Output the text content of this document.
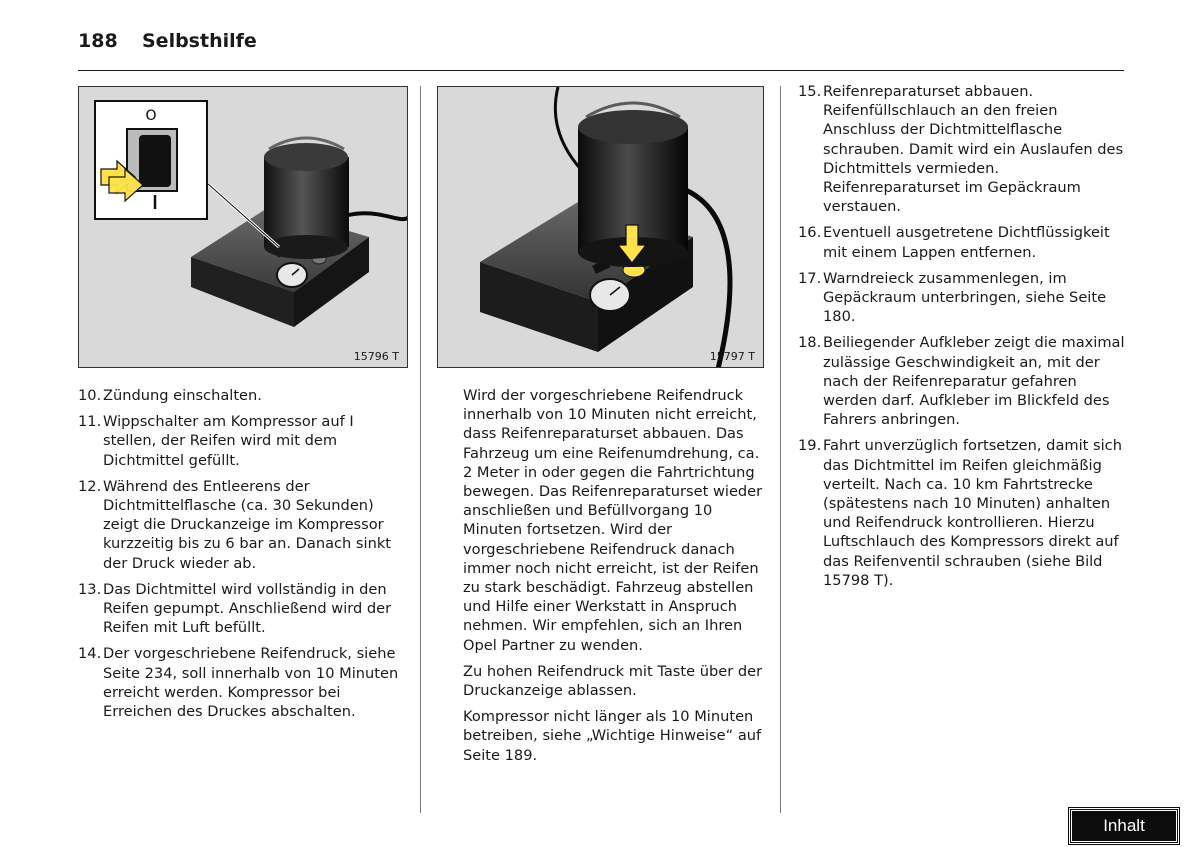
188 Selbsthilfe
O
15796 T	15797 T
10. Zündung einschalten.
11. Wippschalter am Kompressor auf I stellen, der Reifen wird mit dem Dichtmittel gefüllt.
12. Während des Entleerens der Dichtmittelflasche (ca. 30 Sekunden) zeigt die Druckanzeige im Kompressor kurzzeitig bis zu 6 bar an. Danach sinkt der Druck wieder ab.
13. Das Dichtmittel wird vollständig in den Reifen gepumpt. Anschließend wird der Reifen mit Luft befüllt.
14. Der vorgeschriebene Reifendruck, siehe Seite 234, soll innerhalb von 10 Minuten erreicht werden. Kompressor bei Erreichen des Druckes abschalten.
Wird der vorgeschriebene Reifendruck innerhalb von 10 Minuten nicht erreicht, dass Reifenreparaturset abbauen. Das Fahrzeug um eine Reifenumdrehung, ca. 2 Meter in oder gegen die Fahrtrichtung bewegen. Das Reifenreparaturset wieder anschließen und Befüllvorgang 10 Minuten fortsetzen. Wird der vorgeschriebene Reifendruck danach immer noch nicht erreicht, ist der Reifen zu stark beschädigt. Fahrzeug abstellen und Hilfe einer Werkstatt in Anspruch nehmen. Wir empfehlen, sich an Ihren Opel Partner zu wenden.
Zu hohen Reifendruck mit Taste über der Druckanzeige ablassen.
Kompressor nicht länger als 10 Minuten betreiben, siehe „Wichtige Hinweise“ auf Seite 189.
15. Reifenreparaturset abbauen. Reifenfüllschlauch an den freien Anschluss der Dichtmittelflasche schrauben. Damit wird ein Auslaufen des Dichtmittels vermieden. Reifenreparaturset im Gepäckraum verstauen.
16. Eventuell ausgetretene Dichtflüssigkeit mit einem Lappen entfernen.
17. Warndreieck zusammenlegen, im Gepäckraum unterbringen, siehe Seite 180.
18. Beiliegender Aufkleber zeigt die maximal zulässige Geschwindigkeit an, mit der nach der Reifenreparatur gefahren werden darf. Aufkleber im Blickfeld des Fahrers anbringen.
19. Fahrt unverzüglich fortsetzen, damit sich das Dichtmittel im Reifen gleichmäßig verteilt. Nach ca. 10 km Fahrtstrecke (spätestens nach 10 Minuten) anhalten und Reifendruck kontrollieren. Hierzu Luftschlauch des Kompressors direkt auf das Reifenventil schrauben (siehe Bild 15798 T).
Inhalt
